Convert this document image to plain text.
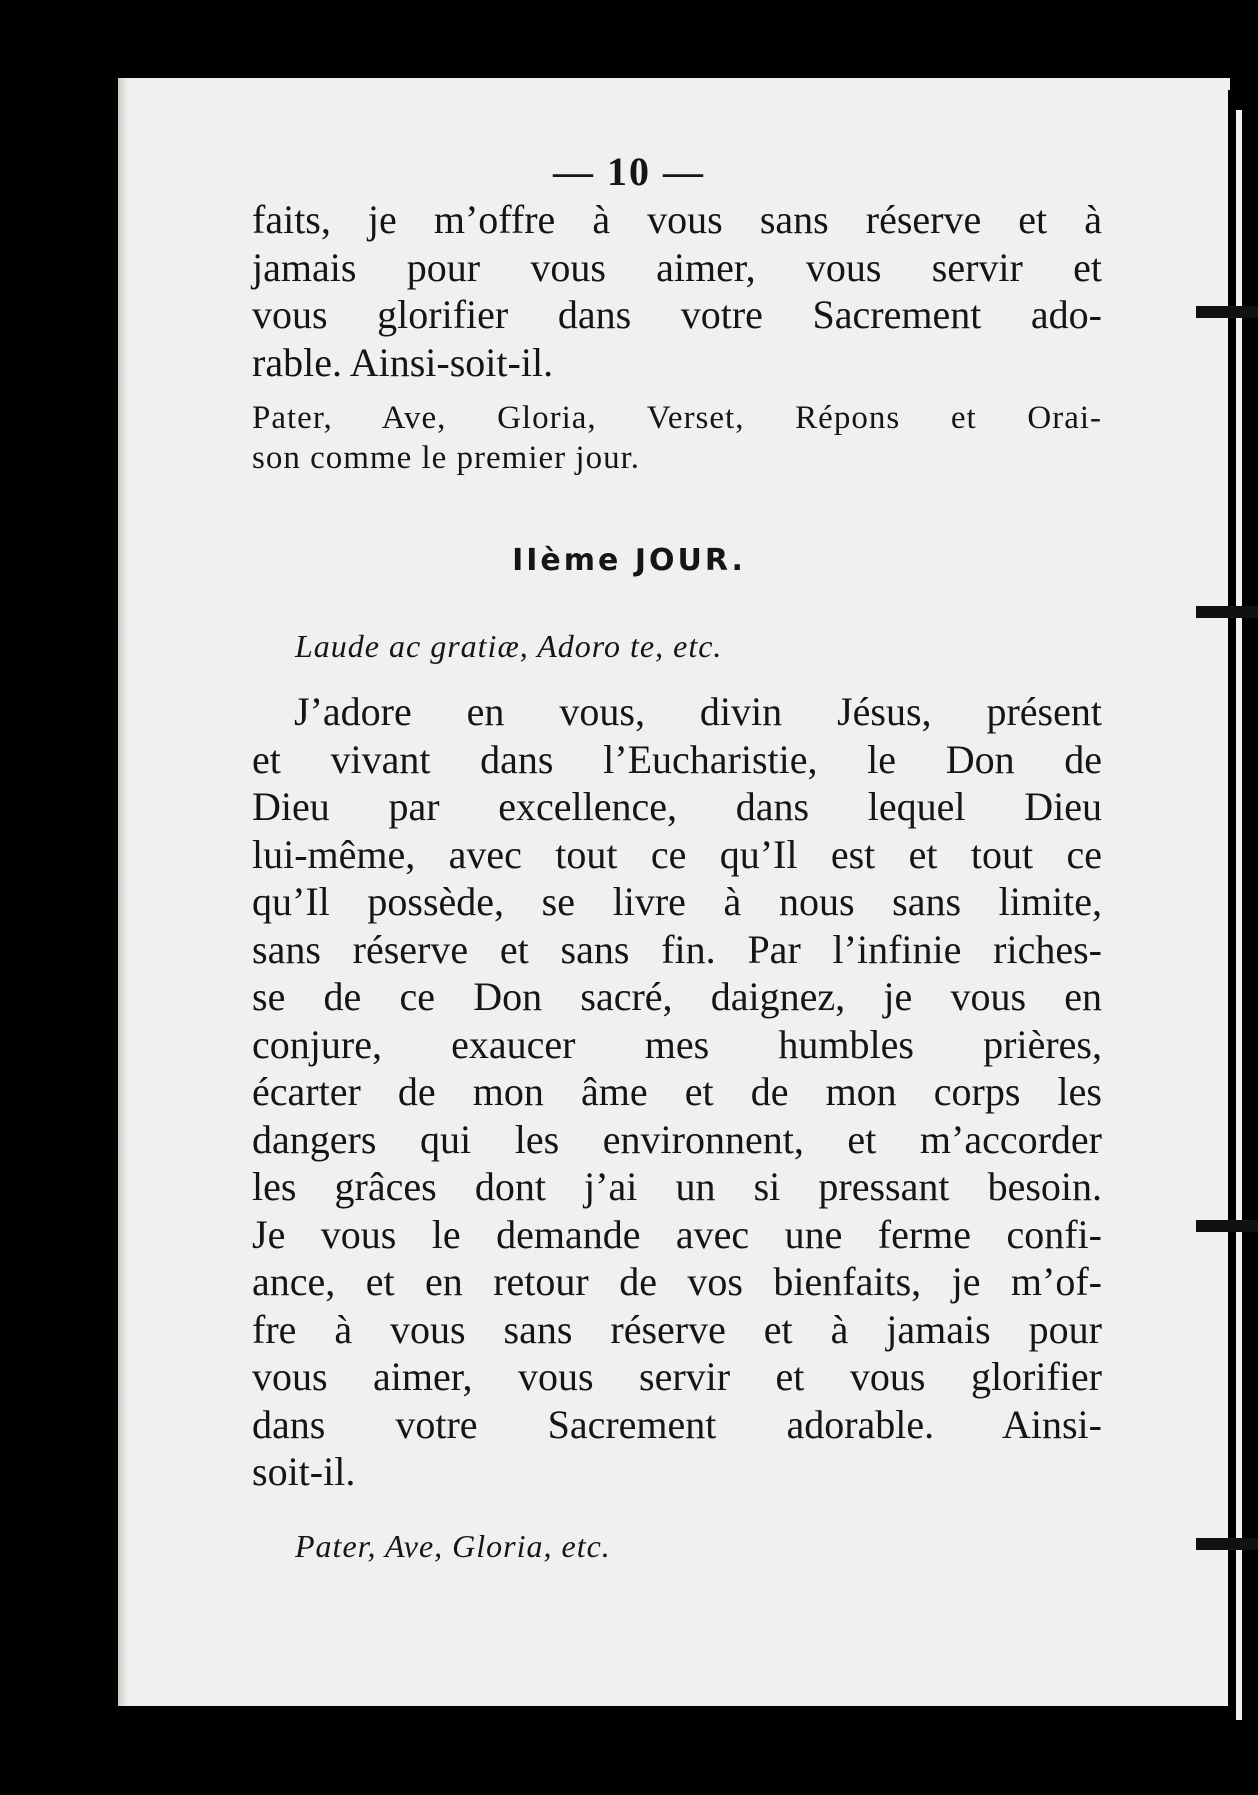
— 10 —
faits, je m’offre à vous sans réserve et à
jamais pour vous aimer, vous servir et
vous glorifier dans votre Sacrement ado-
rable. Ainsi-soit-il.
Pater, Ave, Gloria, Verset, Répons et Orai-
son comme le premier jour.
IIème JOUR.
Laude ac gratiæ, Adoro te, etc.
J’adore en vous, divin Jésus, présent
et vivant dans l’Eucharistie, le Don de
Dieu par excellence, dans lequel Dieu
lui-même, avec tout ce qu’Il est et tout ce
qu’Il possède, se livre à nous sans limite,
sans réserve et sans fin. Par l’infinie riches-
se de ce Don sacré, daignez, je vous en
conjure, exaucer mes humbles prières,
écarter de mon âme et de mon corps les
dangers qui les environnent, et m’accorder
les grâces dont j’ai un si pressant besoin.
Je vous le demande avec une ferme confi-
ance, et en retour de vos bienfaits, je m’of-
fre à vous sans réserve et à jamais pour
vous aimer, vous servir et vous glorifier
dans votre Sacrement adorable. Ainsi-
soit-il.
Pater, Ave, Gloria, etc.
